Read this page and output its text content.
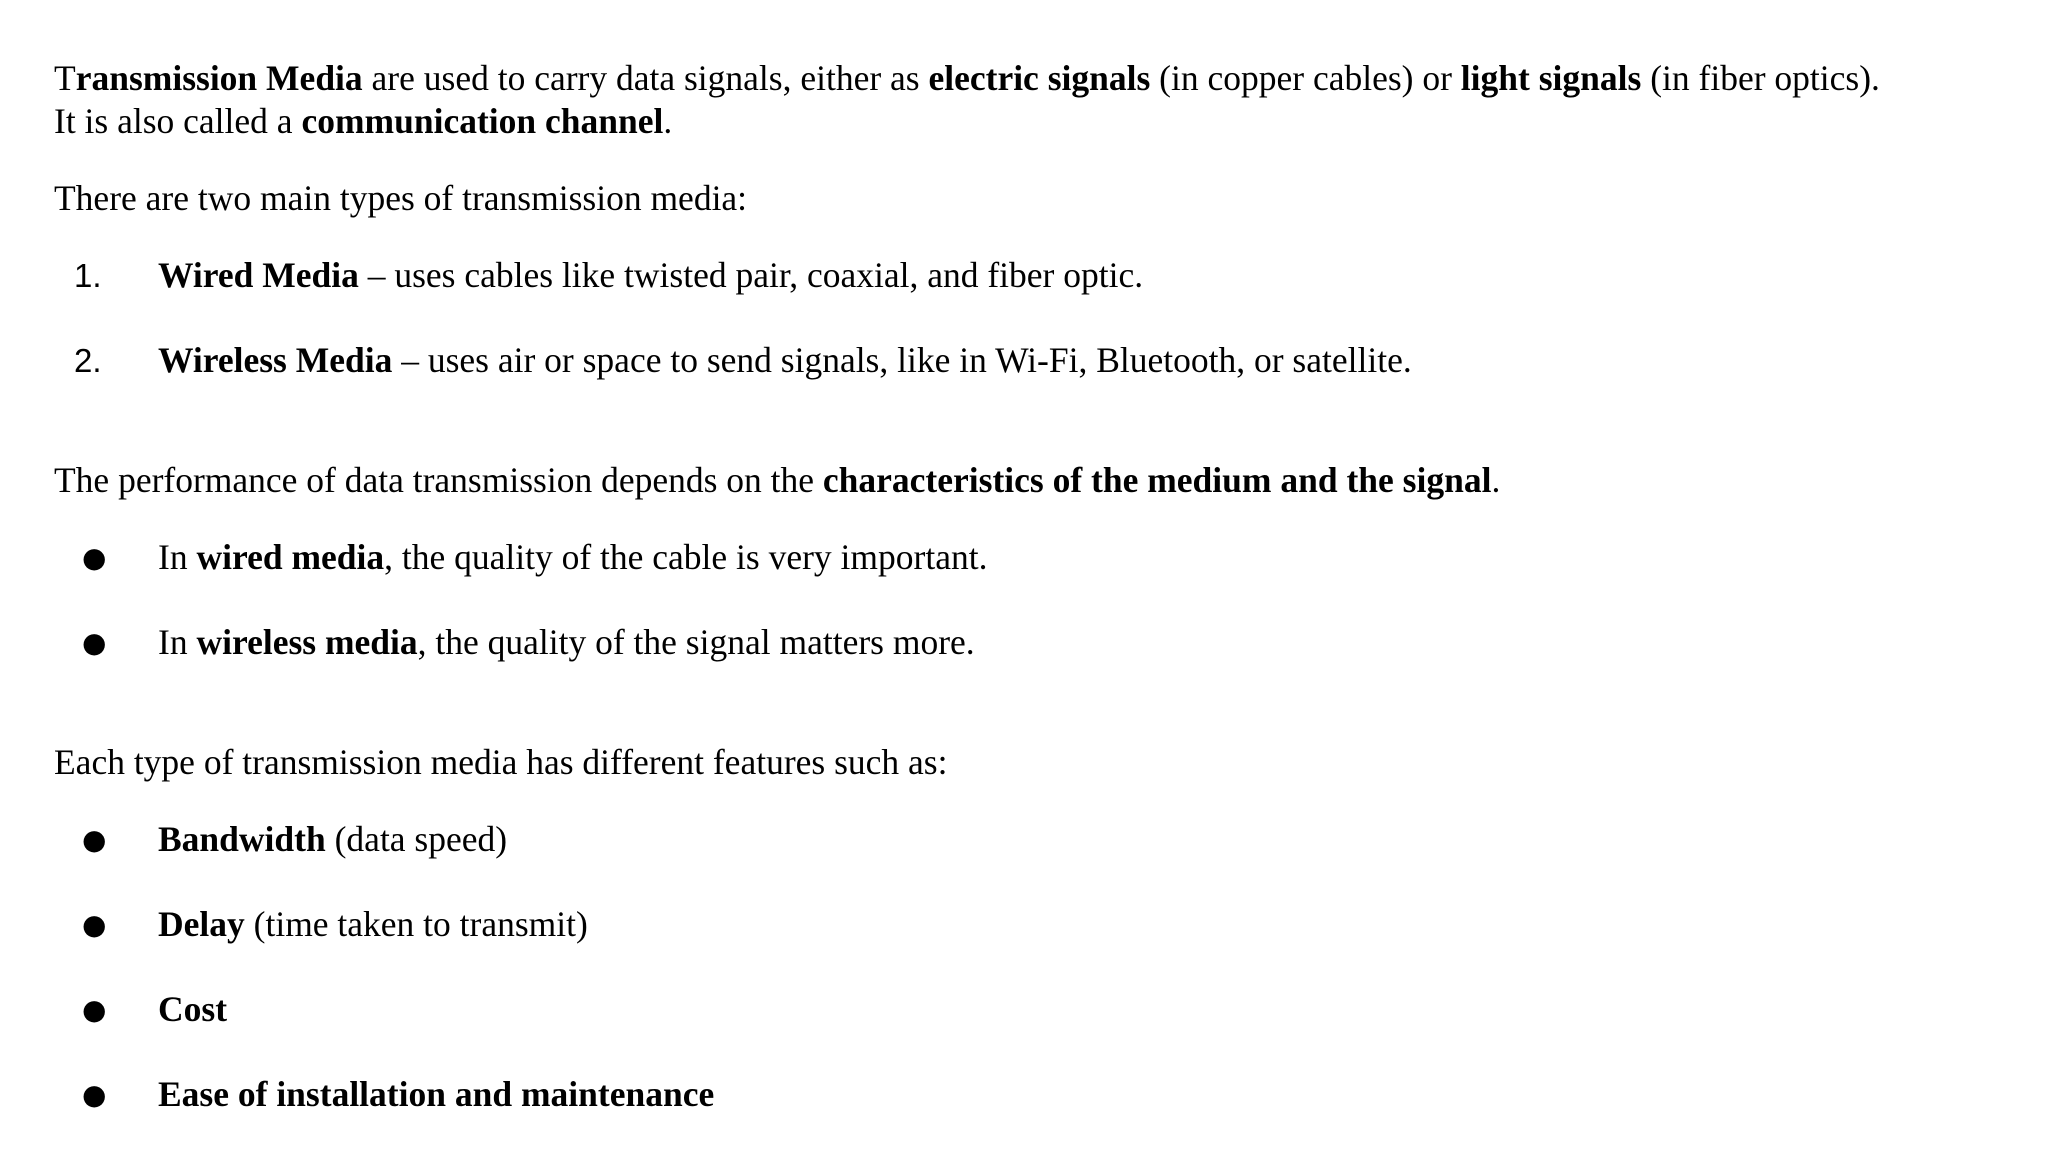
Transmission Media are used to carry data signals, either as electric signals (in copper cables) or light signals (in fiber optics).

It is also called a communication channel.

There are two main types of transmission media:

1. Wired Media – uses cables like twisted pair, coaxial, and fiber optic.
2. Wireless Media – uses air or space to send signals, like in Wi-Fi, Bluetooth, or satellite.

The performance of data transmission depends on the characteristics of the medium and the signal.

● In wired media, the quality of the cable is very important.
● In wireless media, the quality of the signal matters more.

Each type of transmission media has different features such as:

● Bandwidth (data speed)
● Delay (time taken to transmit)
● Cost
● Ease of installation and maintenance
